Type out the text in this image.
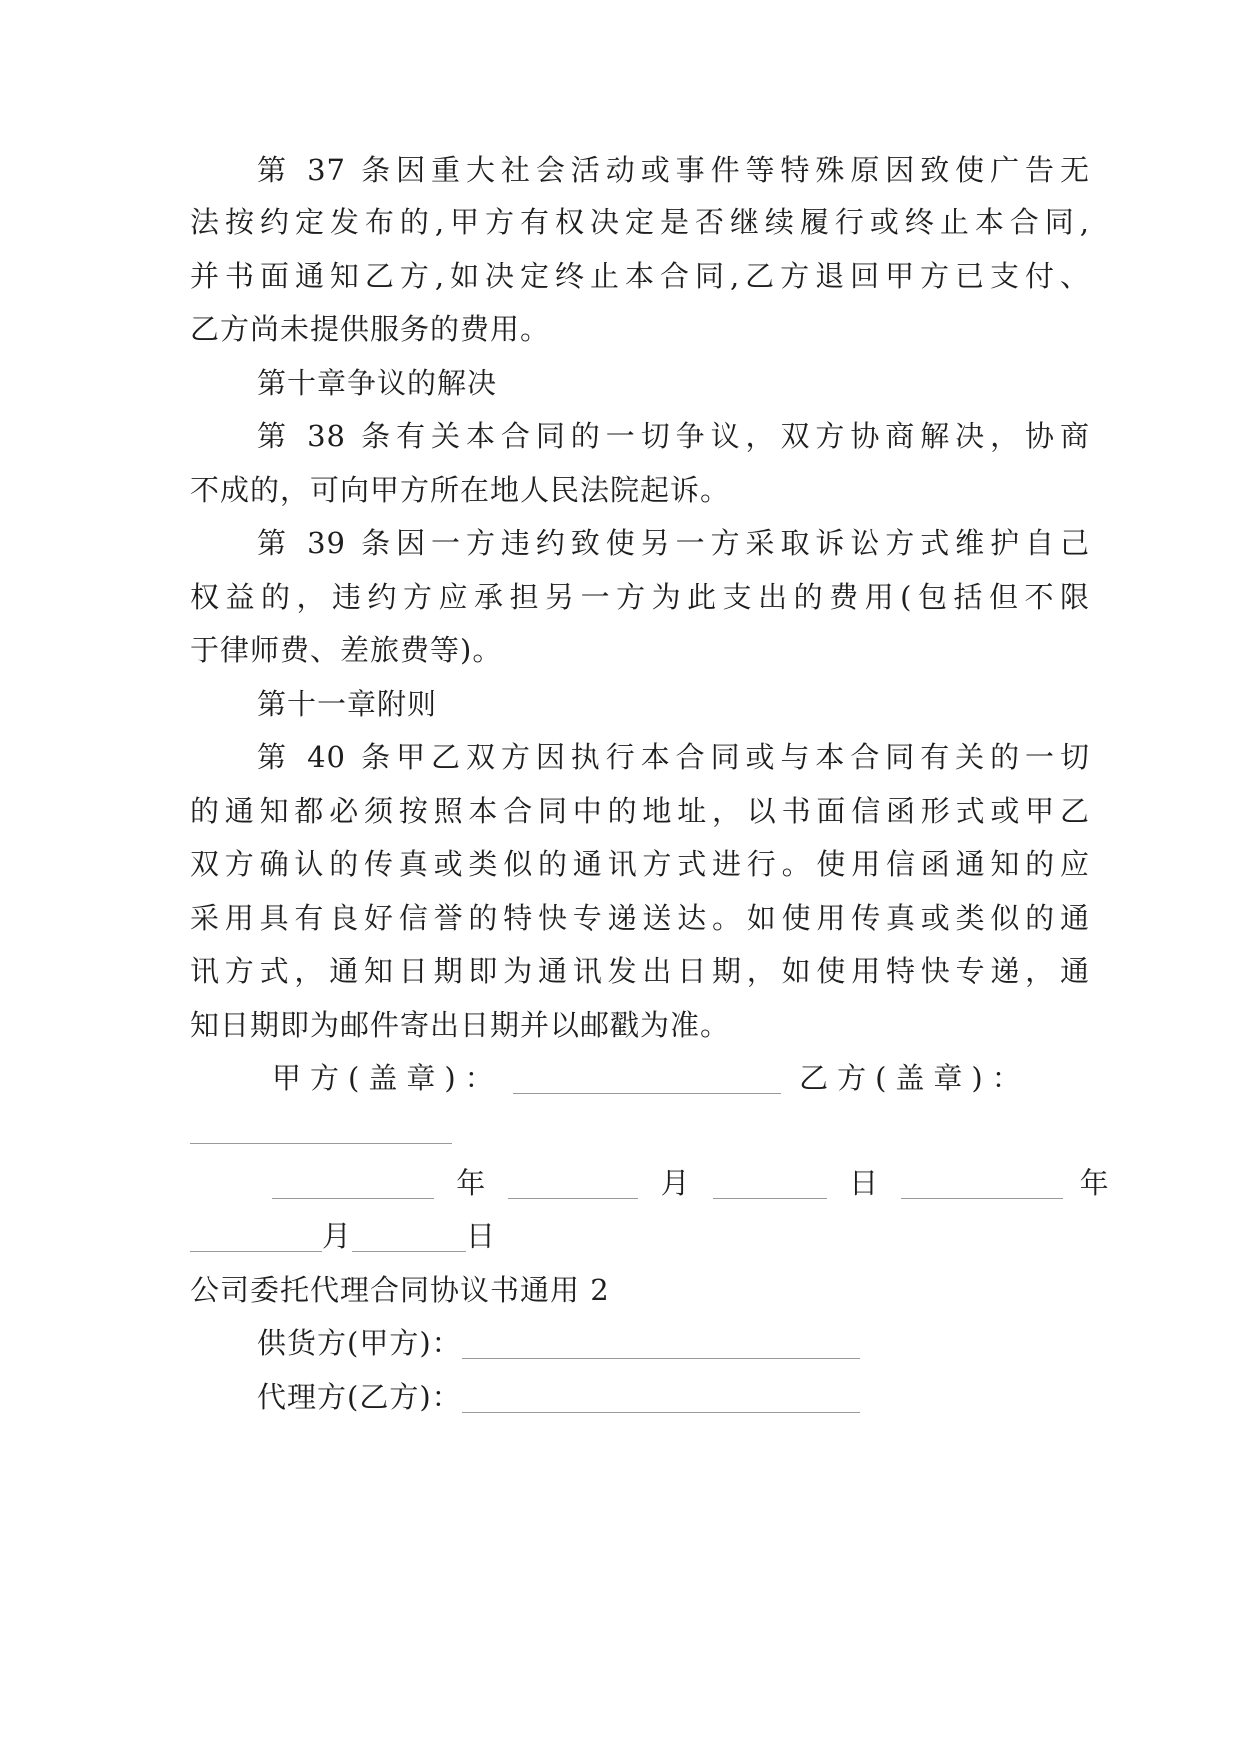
第 37 条因重大社会活动或事件等特殊原因致使广告无
法按约定发布的,甲方有权决定是否继续履行或终止本合同,
并书面通知乙方,如决定终止本合同,乙方退回甲方已支付、
乙方尚未提供服务的费用。
第十章争议的解决
第 38 条有关本合同的一切争议，双方协商解决，协商
不成的，可向甲方所在地人民法院起诉。
第 39 条因一方违约致使另一方采取诉讼方式维护自己
权益的，违约方应承担另一方为此支出的费用(包括但不限
于律师费、差旅费等)。
第十一章附则
第 40 条甲乙双方因执行本合同或与本合同有关的一切
的通知都必须按照本合同中的地址，以书面信函形式或甲乙
双方确认的传真或类似的通讯方式进行。使用信函通知的应
采用具有良好信誉的特快专递送达。如使用传真或类似的通
讯方式，通知日期即为通讯发出日期，如使用特快专递，通
知日期即为邮件寄出日期并以邮戳为准。
甲方(盖章)：	乙方(盖章)：
年	月	日	年
月	日
公司委托代理合同协议书通用 2
供货方(甲方)：
代理方(乙方)：
